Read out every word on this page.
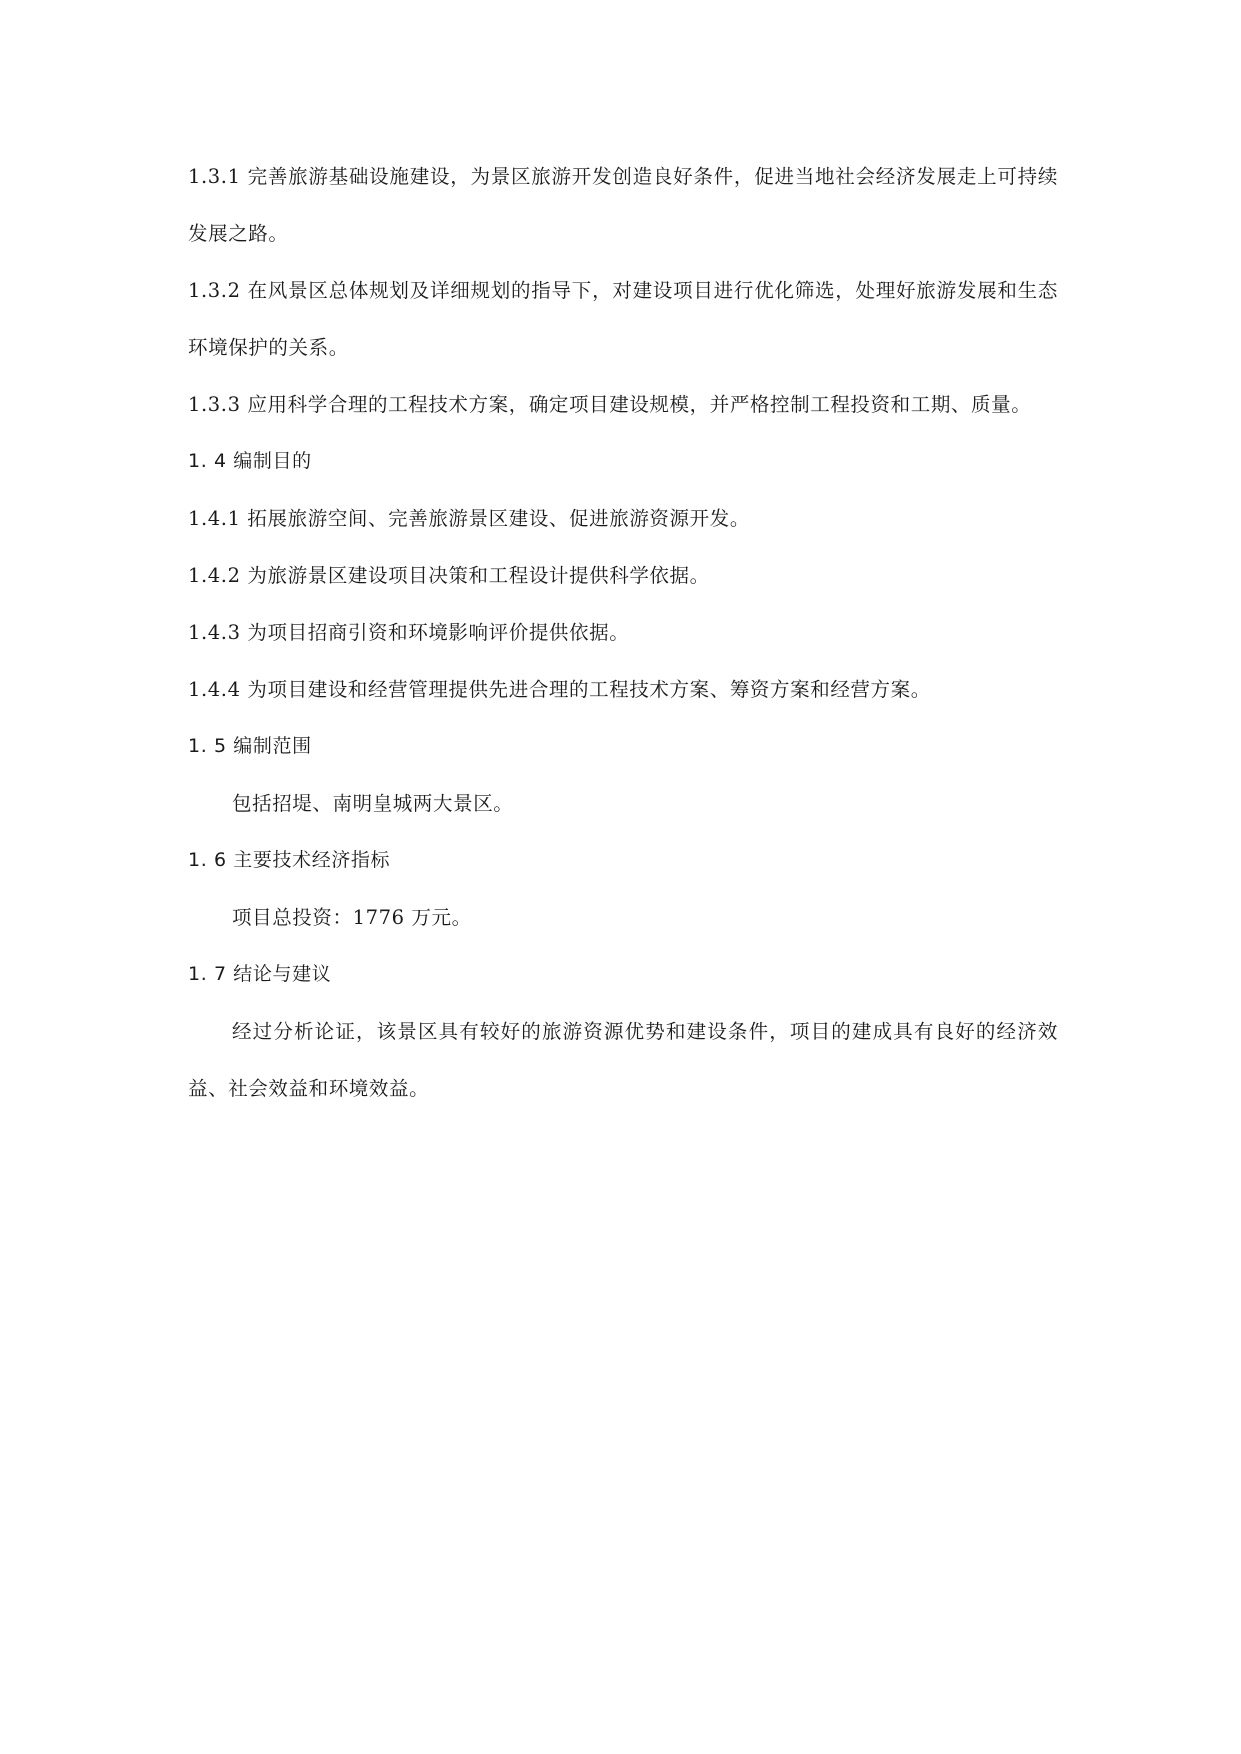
1.3.1 完善旅游基础设施建设，为景区旅游开发创造良好条件，促进当地社会经济发展走上可持续发展之路。

1.3.2 在风景区总体规划及详细规划的指导下，对建设项目进行优化筛选，处理好旅游发展和生态环境保护的关系。

1.3.3 应用科学合理的工程技术方案，确定项目建设规模，并严格控制工程投资和工期、质量。

1. 4 编制目的

1.4.1 拓展旅游空间、完善旅游景区建设、促进旅游资源开发。

1.4.2 为旅游景区建设项目决策和工程设计提供科学依据。

1.4.3 为项目招商引资和环境影响评价提供依据。

1.4.4 为项目建设和经营管理提供先进合理的工程技术方案、筹资方案和经营方案。

1. 5 编制范围

包括招堤、南明皇城两大景区。

1. 6 主要技术经济指标

项目总投资：1776 万元。

1. 7 结论与建议

经过分析论证，该景区具有较好的旅游资源优势和建设条件，项目的建成具有良好的经济效益、社会效益和环境效益。
